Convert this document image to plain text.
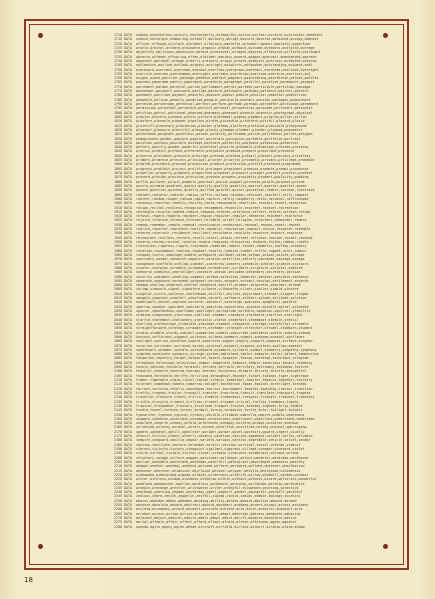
1710 DATA  nobody,nonetheless,noisily,nonchalantly,noteworthy,notice,nuclear,nurture,nutcracker,obedient
1715 DATA  nuance,nostalgic,numbering,nutshell,obituary,oblige,obscure,observe,obtained,occupy,oddness
1720 DATA  officer,offhand,oilcloth,ointment,olfactory,omelette,onlooker,opener,operatic,opportune
1725 DATA  oracle,orbital,orchard,ordinance,organic,orphan,outback,outcome,outdoors,outfield,outrage
1730 DATA  objectify,oblivious,obsessive,obtuse,occasional,octagon,odyssey,offensive,oilfield,onslaught
1735 DATA  obverse,offbeat,offspring,often,oldtimer,omnibus,onward,opaque,opencast,openhanded,operate
1740 DATA  opponent,optional,orange,orderly,ordinary,origin,ornate,outburst,outclass,outdated,outgrow
1745 DATA  outlandish,outline,outlook,outpost,outright,outskirts,outspoken,outstanding,outward,oval
1750 DATA  overboard,overcast,overcome,overdue,overflow,overgrown,overhaul,overhead,overlook,overnight
1755 DATA  overrule,oversee,overshadow,oversight,overtake,overthrow,overtime,overture,overturn,owl
1760 DATA  oxygen,ozone,pacifier,package,paddock,padlock,pageant,painstaking,paintbrush,palace,palette
1765 DATA  pancake,panorama,pantry,paperback,parachute,paragraph,parallel,paralyse,paramount,parapet
1770 DATA  parchment,pardon,parental,parish,parliament,parrot,partake,participle,partition,passage
1775 DATA  passenger,passport,password,pastime,pasture,patchwork,pathway,patience,patriot,pattern
1780 DATA  pavement,pavilion,payment,peaceful,peacock,peanut,pebble,peculiar,pedestal,pedestrian
1785 DATA  peephole,pelican,penalty,pendulum,penguin,peninsula,pennant,pension,pentagon,peppermint
1790 DATA  perceive,percentage,perennial,perfect,perform,perfume,perhaps,perimeter,periscope,permanent
1795 DATA  permission,perpetual,persevere,persist,personal,perspective,persuade,pertinent,pessimist
1800 DATA  petition,petrol,petticoat,phantom,pharmacy,pheasant,phoenix,phonetic,photograph,physical
1805 DATA  pianist,piccolo,pickaxe,picnic,picture,piecemeal,pigeon,pigment,pilgrim,pillar,pillow
1810 DATA  pinafore,pinnacle,pioneer,pipeline,pirate,pistachio,pitchfork,pitiful,placard,placid
1815 DATA  plaintiff,planetary,plantation,plaster,plateau,platform,platinum,plausible,playground
1820 DATA  pleasant,pleasure,plentiful,plough,plucky,plumage,plumber,plunder,plywood,pneumatic
1825 DATA  pocketbook,poignant,pointless,poison,polarity,policeman,polish,politeness,pollen,polygon
1830 DATA  pomegranate,ponder,popcorn,popular,porcelain,porcupine,portable,portfolio,portrait
1835 DATA  position,possess,possible,postage,postcard,posterity,postpone,potassium,potential
1840 DATA  pottery,poultry,powder,powerful,practical,prairie,preamble,precaution,precede,precious
1845 DATA  precise,predict,preface,preference,prejudice,premium,prepare,prescribe,presence
1850 DATA  preserve,president,pressure,prestige,presume,pretend,prevail,prevent,previous,priceless
1855 DATA  primary,primrose,princess,principal,printer,priority,prismatic,privacy,privilege,probable
1860 DATA  problem,procedure,proceed,procession,produce,profession,profile,profound,programme
1865 DATA  progress,prohibit,project,prolific,prologue,prominent,promise,promote,prompt,pronounce
1870 DATA  propeller,property,prophecy,proportion,proposal,prospect,prosper,protect,protein,protest
1875 DATA  proverb,provide,province,provision,provoke,prowess,proximity,prudent,publicity,pudding
1880 DATA  puffin,pullover,pulpit,pumpkin,punctual,punish,puppet,purchase,purple,purpose,pursue
1885 DATA  puzzle,pyramid,quadrant,quaint,qualify,quality,quantity,quarrel,quarter,quartet,queen
1890 DATA  quench,question,quicken,quietly,quilted,quintet,quiver,quotation,rabbit,raccoon,racetrack
1895 DATA  radiant,radiator,radical,radius,raffle,railway,rainbow,raincoat,rainfall,rally,rampart
1900 DATA  rancher,random,ranger,ransom,rapid,rapture,rarely,raspberry,ratio,rational,rattlesnake
1905 DATA  ravenous,reaction,readily,reality,realm,reasonable,rebellion,receipt,recent,reception
1910 DATA  recipe,recital,reckless,recognise,recommend,reconcile,recorder,recover,recreation
1915 DATA  rectangle,recycle,redeem,reduce,redwood,referee,reference,reflect,reform,refresh,refuge
1920 DATA  refusal,regard,regatta,regiment,region,register,regular,rehearse,reindeer,reinforce
1925 DATA  rejoice,relative,release,relevant,reliable,relief,religion,reluctant,remainder,remark
1930 DATA  remedy,remember,remote,removal,renaissance,rendezvous,renewal,renown,repair,repeat
1935 DATA  replica,reporter,represent,reptile,republic,reputation,request,rescue,research,resemble
1940 DATA  reserve,reservoir,residence,resilient,resistance,resolute,resource,respect,response
1945 DATA  restaurant,restless,restore,result,retail,retain,retreat,retrieve,reunion,reveal,revenue
1950 DATA  reverse,review,revival,revolve,reward,rhapsody,rhinoceros,rhubarb,rhythm,ribbon,riddle
1955 DATA  ridiculous,rigorous,ripple,riverbank,roadside,robust,rocket,romantic,rooftop,rosemary
1960 DATA  rotation,roundabout,routine,rowboat,royalty,rubbish,rudder,ruffle,rugged,ruler,rumour
1965 DATA  runaway,rustic,sabotage,saddle,safeguard,sailboat,salad,salmon,saloon,salute,salvage
1970 DATA  sanctuary,sandal,sandwich,sapphire,sardine,satellite,satisfy,saucepan,sausage,savage
1975 DATA  saxophone,scaffold,scallop,scandal,scarecrow,scenery,schedule,scholar,science,scissors
1980 DATA  scooter,scorpion,scramble,scrapbook,screwdriver,scribble,scripture,sculptor,seabird
1985 DATA  seahorse,seamless,searchlight,seashore,season,secluded,secondary,secretary,section
1990 DATA  security,sediment,seedling,segment,seldom,selection,semester,senator,sensible,sentence
1995 DATA  separate,sequence,serenade,sergeant,serious,serpent,servant,session,settlement,seventh
2000 DATA  shadow,shallow,shamrock,shelter,shepherd,sheriff,shimmer,shipwreck,shoulder,shrewd
2005 DATA  shrimp,sidewalk,signal,signature,silence,silhouette,silver,similar,simple,sincere
2010 DATA  singular,sizzle,skeleton,sketchbook,skillful,skyline,skyscraper,slender,slipper,slogan
2015 DATA  smuggle,snapshot,snowfall,snowflake,society,software,soldier,solemn,solitude,solution
2020 DATA  somersault,sonnet,soprano,sorcerer,souvenir,sovereign,spacious,spaghetti,sparkle
2025 DATA  sparrow,speaker,specimen,spectacle,spectrum,speechless,spinach,spindle,spiral,splendid
2030 DATA  sponsor,spontaneous,sportsman,spotlight,springtime,sprinkle,squadron,squirrel,stability
2035 DATA  stadium,stagecoach,staircase,stallion,stammer,standard,starboard,starfish,starlight
2040 DATA  startle,statement,stationary,statistic,statue,steadfast,steamboat,steeple,stencil
2045 DATA  sterling,stethoscope,stimulate,stockade,stomach,stopwatch,storage,storyteller,straddle
2050 DATA  straightforward,strategy,strawberry,streamer,strength,stretcher,strudel,stubborn,student
2055 DATA  studio,stumble,sturdy,subject,submarine,submit,subscribe,substance,subtle,suburb,subway
2060 DATA  success,sufficient,suggest,suitcase,sultana,summary,summit,sunbeam,sundial,sunflower
2065 DATA  sunlight,sunrise,sunshine,superb,supervise,supper,supply,support,suppose,surface,surgeon
2070 DATA  surprise,surrender,surround,survey,survival,suspect,suspend,sustain,swallow,sweater
2075 DATA  sweetheart,swimmer,swindle,switchboard,sycamore,syllable,symbol,symmetry,sympathy,symphony
2080 DATA  symptom,syndicate,synopsis,syringe,system,tableland,tablet,tadpole,tailor,talent,tambourine
2085 DATA  tangerine,tapestry,target,tarpaulin,tavern,taxpayer,teacup,teardrop,technique,telegram
2090 DATA  telephone,telescope,television,temper,temperate,tempest,temple,tenacious,tenant,tendency
2095 DATA  tennis,tension,tentacle,terminal,terrace,terrible,territory,testimony,textbook,texture
2100 DATA  thankful,theatre,theorem,therapy,thermal,thickness,thimble,thirsty,thistle,thoughtful
2105 DATA  thousand,threshold,thrifty,thrilling,throughout,thunder,ticket,tidings,tiger,tightrope
2110 DATA  timber,timetable,timid,tinsel,tiptoe,titanic,toadstool,toaster,tobacco,together,toiletry
2115 DATA  tolerant,tomahawk,tomato,tomorrow,tonight,toothbrush,topaz,topical,torchlight,tornado
2120 DATA  torrent,tortoise,totally,touchdown,tourist,tournament,towards,township,tractor,tradition
2125 DATA  traffic,tragedy,trailer,tranquil,transfer,transform,transit,translate,transport,trapeze
2130 DATA  traveller,treasure,treaty,trellis,tremble,tremendous,trespass,triangle,tribunal,tributary
2135 DATA  trickle,tricycle,trident,trillion,trinket,triumph,trivial,trolley,trombone,trophy
2140 DATA  tropical,troubadour,trousers,truckload,trumpet,trustee,tuesday,tugboat,tulip,tumble
2145 DATA  tundra,tunnel,turbine,turkey,turmoil,turnip,turquoise,turtle,tutor,twilight,twinkle
2150 DATA  typewriter,typhoon,typical,tyranny,ukulele,ultimate,umbrella,umpire,unable,unanimous
2155 DATA  unaware,unbeaten,uncertain,uncommon,unconscious,undercover,underline,understand,undertake
2160 DATA  undulate,unearth,uneasy,unfold,unforeseen,unhappy,uniform,unique,universe,unknown
2165 DATA  unlimited,unlucky,unravel,unrest,unseen,unselfish,unsettled,untidy,unusual,upbringing
2170 DATA  update,upheaval,uphill,upholster,upright,uproar,upset,upstairs,upward,urgent,usually
2175 DATA  utensil,utility,utmost,utterly,vacancy,vacation,vaccine,vagabond,valiant,valley,valuable
2180 DATA  vampire,vanguard,vanilla,vapour,variety,various,varnish,vegetable,vehicle,velvet,vendor
2185 DATA  venison,ventilate,venture,verandah,verdict,version,vertical,vessel,veteran,viaduct
2190 DATA  vibrant,vicinity,victory,viewpoint,vigilant,vigorous,village,vinegar,vineyard,violet
2195 DATA  violin,virtual,visible,visitor,visual,vitamin,vivacious,vocabulary,volcano,volume
2200 DATA  voluntary,voyage,vulture,waggon,waistcoat,wallpaper,walnut,wanderer,wardrobe,warehouse
2205 DATA  warrior,washable,wasteland,watchman,waterfall,waterproof,wavelength,weakness,wealthy
2210 DATA  weapon,weather,weekday,weekend,welcome,welfare,westward,wetland,whatever,wheelbarrow
2215 DATA  whenever,wherever,whimsical,whirlwind,whisker,whisper,whistle,wholesome,wickedness
2220 DATA  wideawake,widespread,wigwam,wildcat,wilderness,wildlife,willow,windmill,window,windsor
2225 DATA  winter,wireless,wisdom,wishbone,withdraw,within,without,witness,wizard,wolverine,wonderful
2230 DATA  woodland,woodpecker,woollen,wordless,workbench,workshop,worldwide,worship,worthwhile
2235 DATA  wrangle,wreckage,wrestler,wristwatch,writer,wrongful,xylophone,yachting,yardstick
2240 DATA  yearbook,yearning,yeoman,yesterday,yodel,yoghurt,yonder,youngster,yourself,youthful
2245 DATA  zealous,zebra,zenith,zeppelin,zestful,zigzag,zinnia,zodiac,zombie,zoology,zucchini
2250 DATA  abacus,abandon,abbey,abdomen,abiding,ability,ablaze,aboard,abolish,abound,abroad
2255 DATA  absence,absolute,absorb,abstract,absurd,abundant,academy,accent,accept,access,accident
2260 DATA  acclaim,accompany,accord,account,accurate,achieve,acid,acorn,acoustic,acquaint,acre
2265 DATA  acrobat,across,action,active,actor,actual,adapt,addition,address,adequate,adhesive
2270 DATA  adjacent,adjust,admiral,admire,admit,adopt,adore,adrift,advance,adventure,advice
2275 DATA  aerial,affable,affair,affect,afford,afloat,afraid,afresh,afternoon,again,against
2280 DATA  agenda,agile,agony,agree,ahead,aircraft,airfield,airline,airport,airship,alarm,album
18
